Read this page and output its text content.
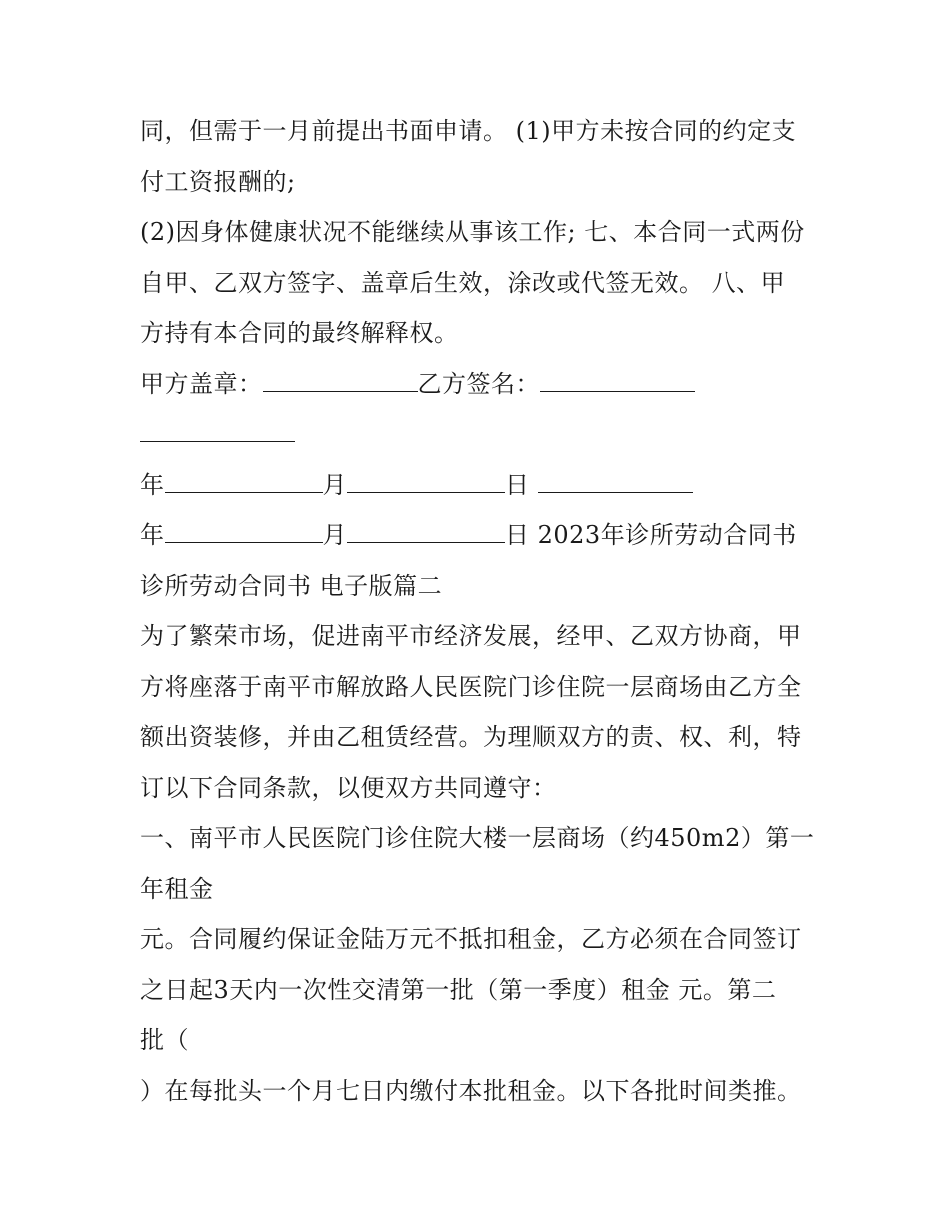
同，但需于一月前提出书面申请。 (1)甲方未按合同的约定支
付工资报酬的;
(2)因身体健康状况不能继续从事该工作; 七、本合同一式两份
自甲、乙双方签字、盖章后生效，涂改或代签无效。 八、甲
方持有本合同的最终解释权。
甲方盖章：	乙方签名：
年	月	日
年	月	日 2023年诊所劳动合同书
诊所劳动合同书 电子版篇二
为了繁荣市场，促进南平市经济发展，经甲、乙双方协商，甲
方将座落于南平市解放路人民医院门诊住院一层商场由乙方全
额出资装修，并由乙租赁经营。为理顺双方的责、权、利，特
订以下合同条款，以便双方共同遵守：
一、南平市人民医院门诊住院大楼一层商场（约450m2）第一
年租金
元。合同履约保证金陆万元不抵扣租金，乙方必须在合同签订
之日起3天内一次性交清第一批（第一季度）租金 元。第二
批（
）在每批头一个月七日内缴付本批租金。以下各批时间类推。
